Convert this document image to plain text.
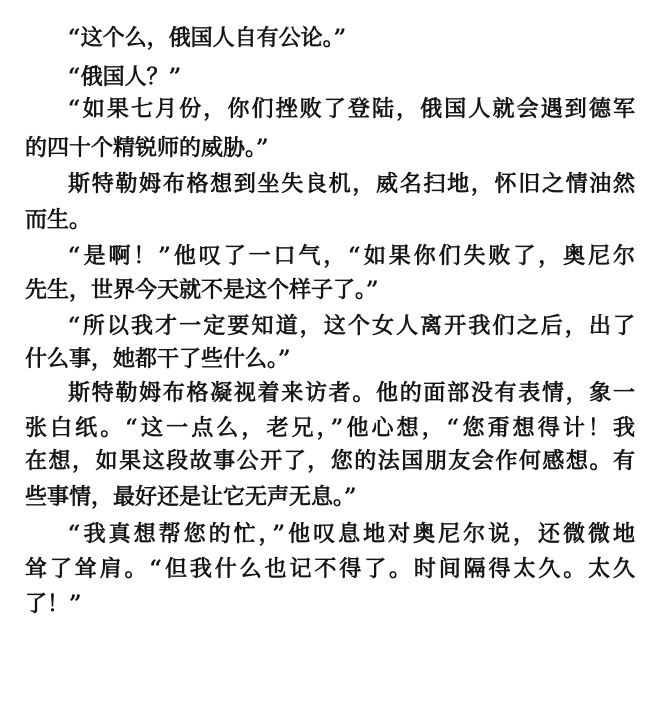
“这个么，俄国人自有公论。”
“俄国人？”
“如果七月份，你们挫败了登陆，俄国人就会遇到德军
的四十个精锐师的威胁。”
斯特勒姆布格想到坐失良机，威名扫地，怀旧之情油然
而生。
“是啊！”他叹了一口气，“如果你们失败了，奥尼尔
先生，世界今天就不是这个样子了。”
“所以我才一定要知道，这个女人离开我们之后，出了
什么事，她都干了些什么。”
斯特勒姆布格凝视着来访者。他的面部没有表情，象一
张白纸。“这一点么，老兄，”他心想，“您甭想得计！我
在想，如果这段故事公开了，您的法国朋友会作何感想。有
些事情，最好还是让它无声无息。”
“我真想帮您的忙，”他叹息地对奥尼尔说，还微微地
耸了耸肩。“但我什么也记不得了。时间隔得太久。太久
了！”
